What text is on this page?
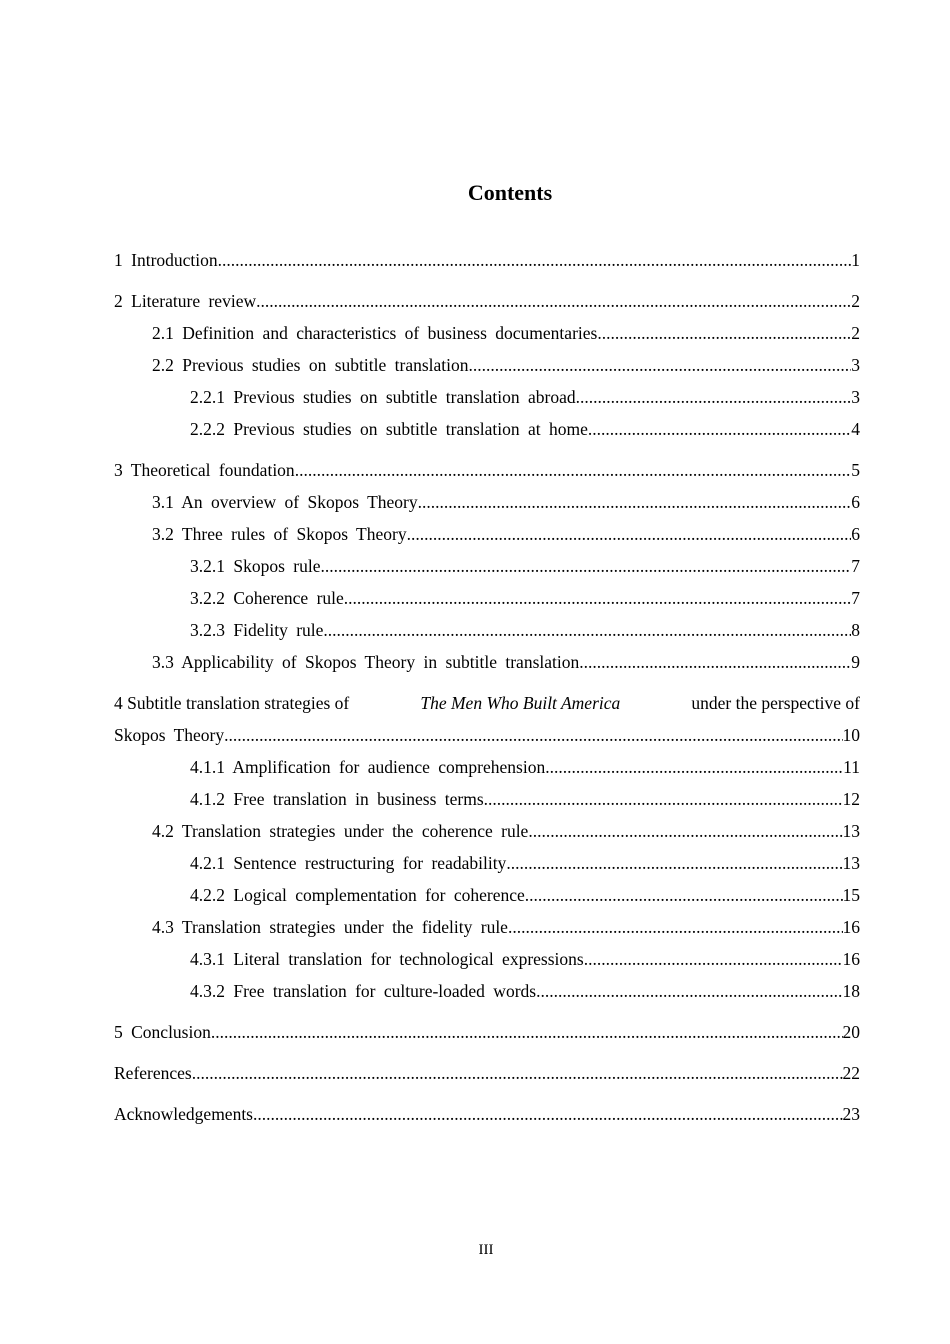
Contents
1 Introduction .....	1
2 Literature review .....	2
2.1 Definition and characteristics of business documentaries .....	2
2.2 Previous studies on subtitle translation .....	3
2.2.1 Previous studies on subtitle translation abroad .....	3
2.2.2 Previous studies on subtitle translation at home .....	4
3 Theoretical foundation .....	5
3.1 An overview of Skopos Theory .....	6
3.2 Three rules of Skopos Theory .....	6
3.2.1 Skopos rule .....	7
3.2.2 Coherence rule .....	7
3.2.3 Fidelity rule .....	8
3.3 Applicability of Skopos Theory in subtitle translation .....	9
4 Subtitle translation strategies of	The Men Who Built America	under the perspective of
Skopos Theory .....	10
4.1.1 Amplification for audience comprehension .....	11
4.1.2 Free translation in business terms .....	12
4.2 Translation strategies under the coherence rule .....	13
4.2.1 Sentence restructuring for readability .....	13
4.2.2 Logical complementation for coherence .....	15
4.3 Translation strategies under the fidelity rule .....	16
4.3.1 Literal translation for technological expressions .....	16
4.3.2 Free translation for culture-loaded words .....	18
5 Conclusion .....	20
References .....	22
Acknowledgements .....	23
III
